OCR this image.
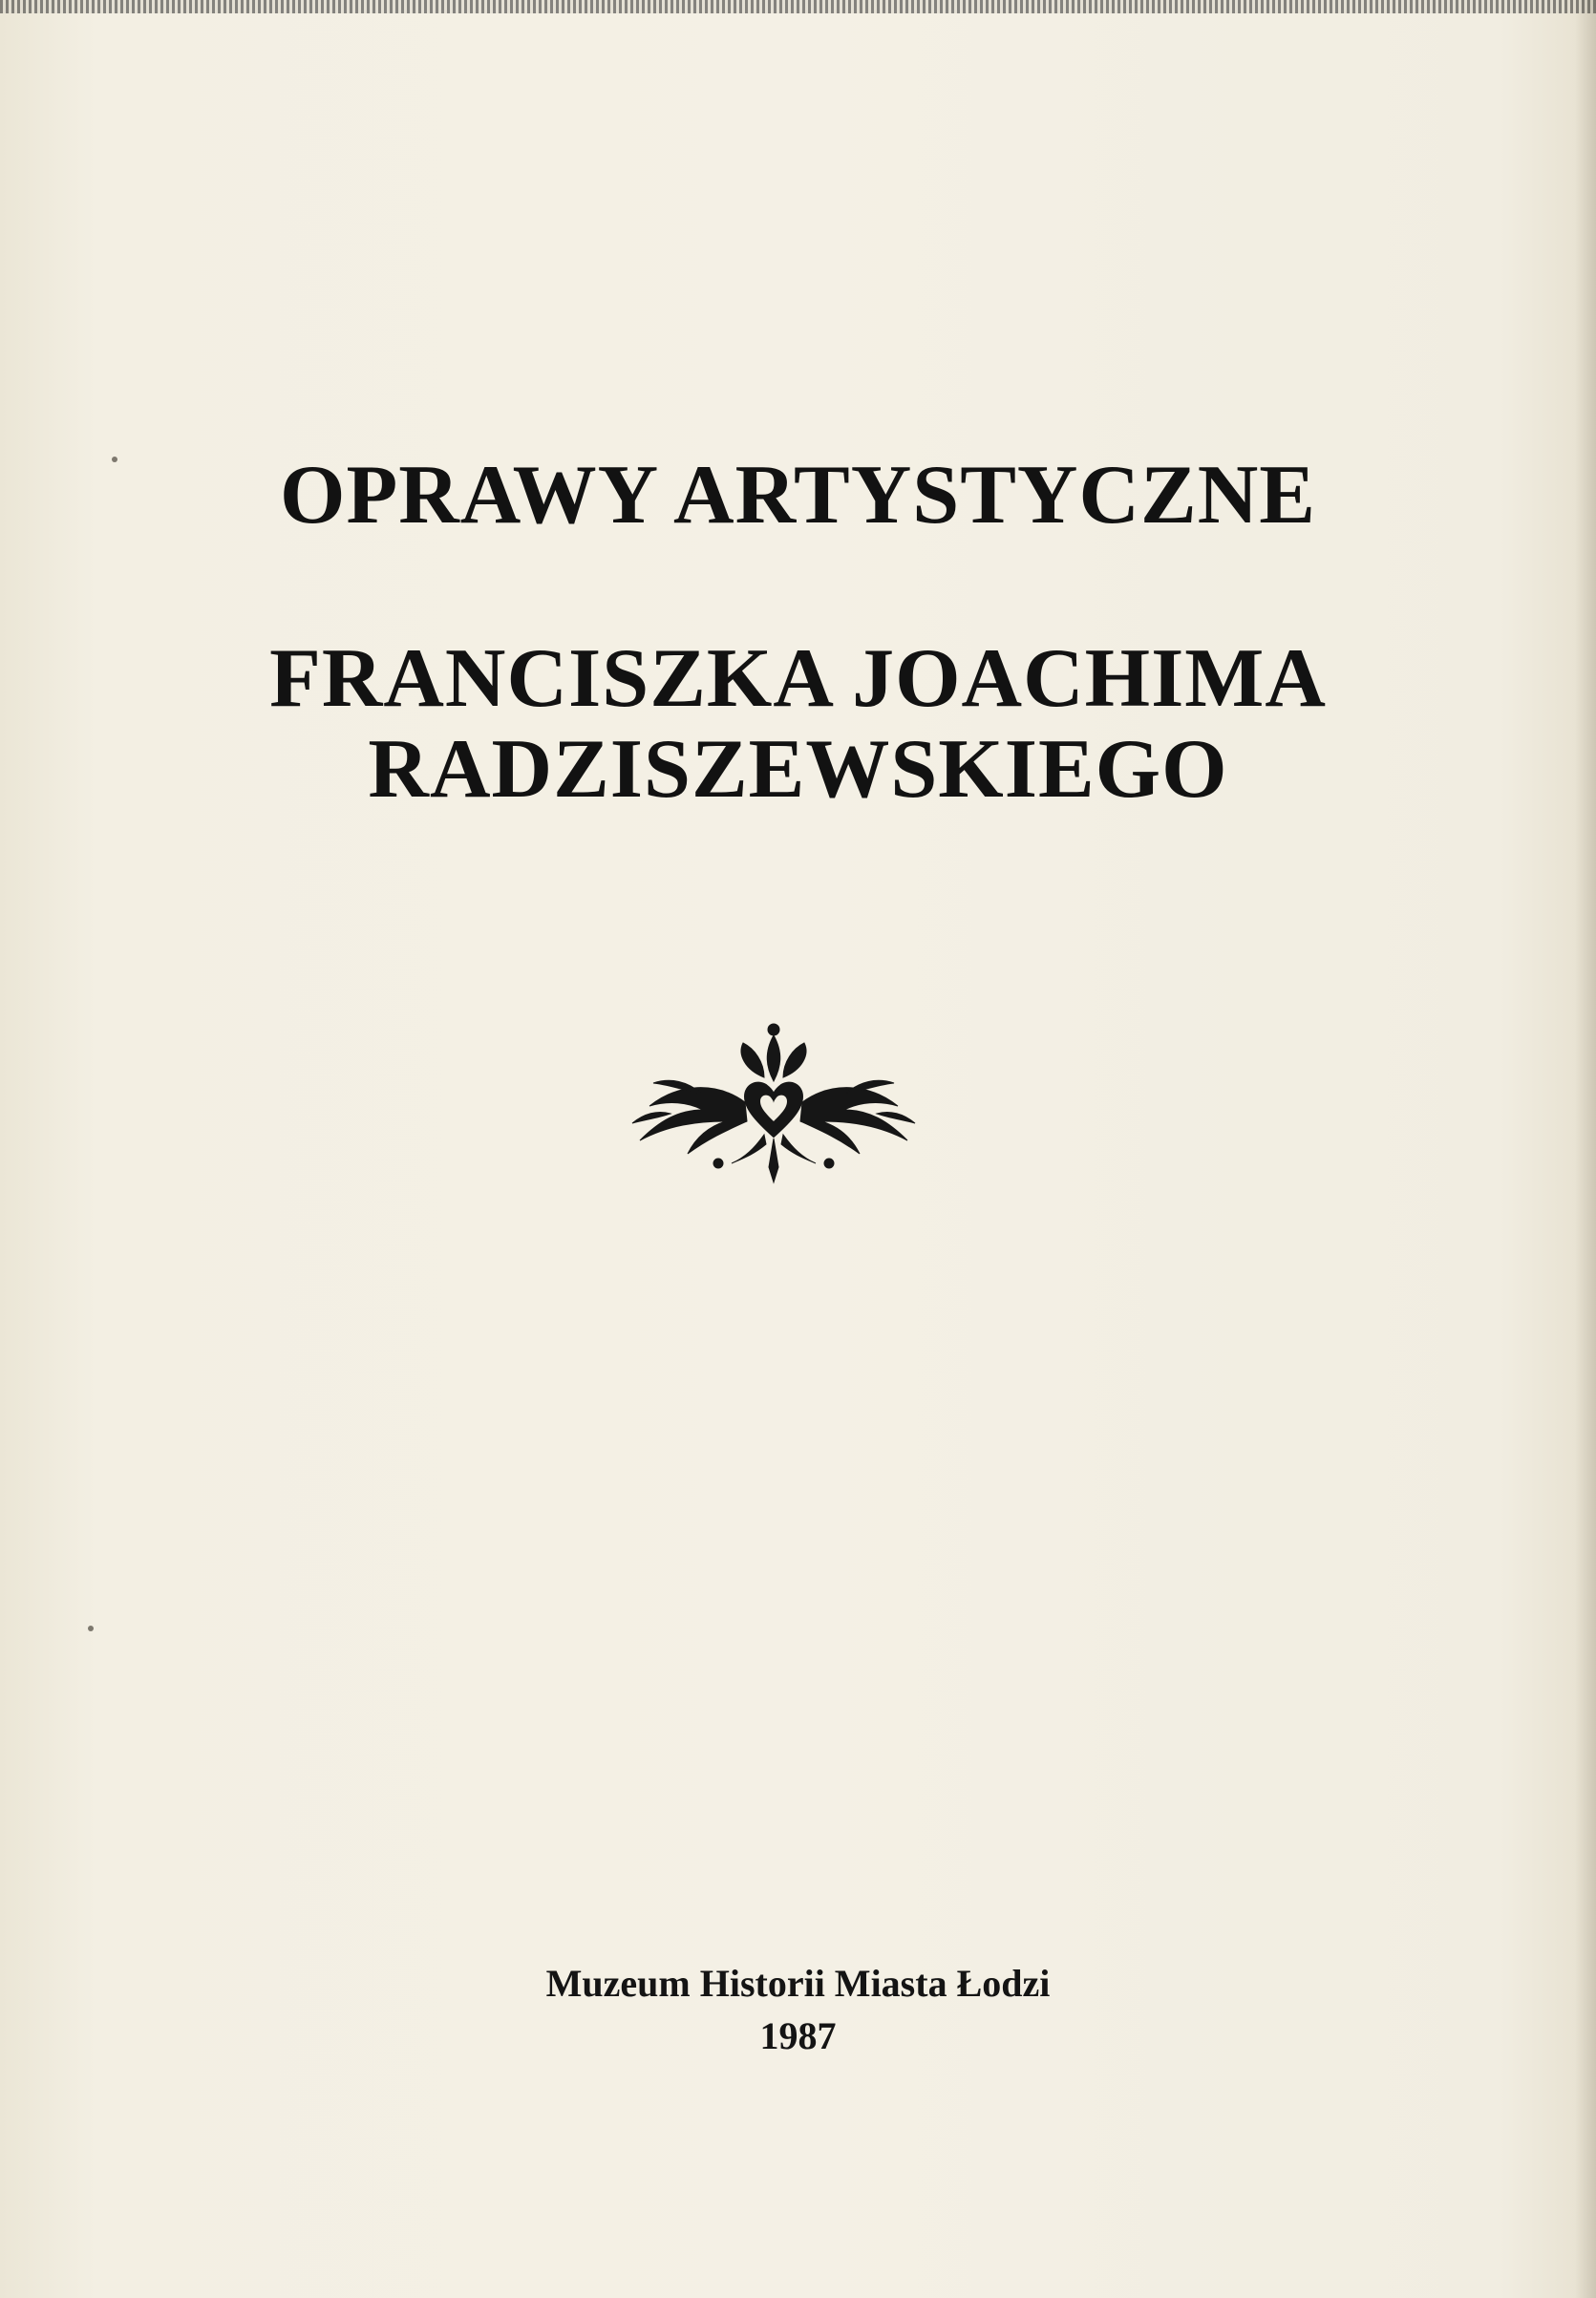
OPRAWY ARTYSTYCZNE
FRANCISZKA JOACHIMA
RADZISZEWSKIEGO
Muzeum Historii Miasta Łodzi
1987
